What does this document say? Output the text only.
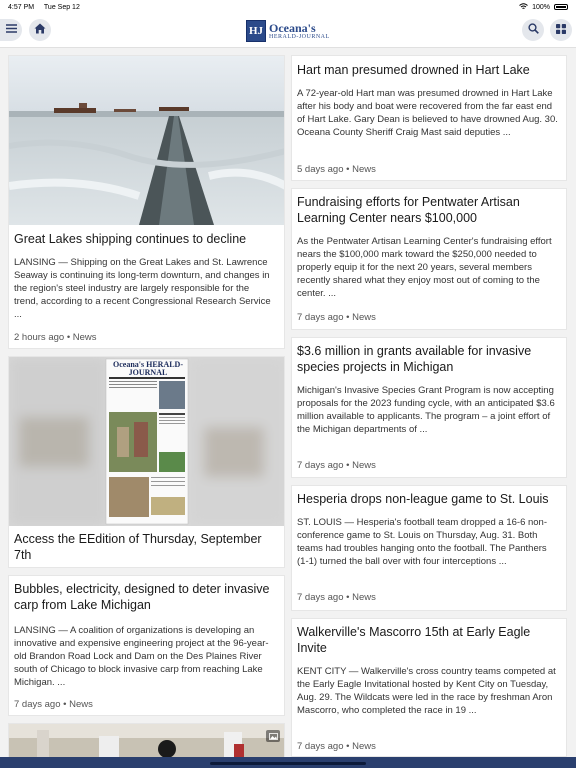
4:57 PM Tue Sep 12	100%
HJ Oceana's
HERALD-JOURNAL
Great Lakes shipping continues to decline
LANSING — Shipping on the Great Lakes and St. Lawrence Seaway is continuing its long-term downturn, and changes in the region's steel industry are largely responsible for the trend, according to a recent Congressional Research Service ...
2 hours ago • News
Oceana's HERALD-JOURNAL
Access the EEdition of Thursday, September 7th
Bubbles, electricity, designed to deter invasive carp from Lake Michigan
LANSING — A coalition of organizations is developing an innovative and expensive engineering project at the 96-year-old Brandon Road Lock and Dam on the Des Plaines River south of Chicago to block invasive carp from reaching Lake Michigan. ...
7 days ago • News
Hart man presumed drowned in Hart Lake
A 72-year-old Hart man was presumed drowned in Hart Lake after his body and boat were recovered from the far east end of Hart Lake. Gary Dean is believed to have drowned Aug. 30. Oceana County Sheriff Craig Mast said deputies ...
5 days ago • News
Fundraising efforts for Pentwater Artisan Learning Center nears $100,000
As the Pentwater Artisan Learning Center's fundraising effort nears the $100,000 mark toward the $250,000 needed to properly equip it for the next 20 years, several members recently shared what they enjoy most out of coming to the center. ...
7 days ago • News
$3.6 million in grants available for invasive species projects in Michigan
Michigan's Invasive Species Grant Program is now accepting proposals for the 2023 funding cycle, with an anticipated $3.6 million available to applicants. The program – a joint effort of the Michigan departments of ...
7 days ago • News
Hesperia drops non-league game to St. Louis
ST. LOUIS — Hesperia's football team dropped a 16-6 non-conference game to St. Louis on Thursday, Aug. 31. Both teams had troubles hanging onto the football. The Panthers (1-1) turned the ball over with four interceptions ...
7 days ago • News
Walkerville's Mascorro 15th at Early Eagle Invite
KENT CITY — Walkerville's cross country teams competed at the Early Eagle Invitational hosted by Kent City on Tuesday, Aug. 29. The Wildcats were led in the race by freshman Aron Mascorro, who completed the race in 19 ...
7 days ago • News
